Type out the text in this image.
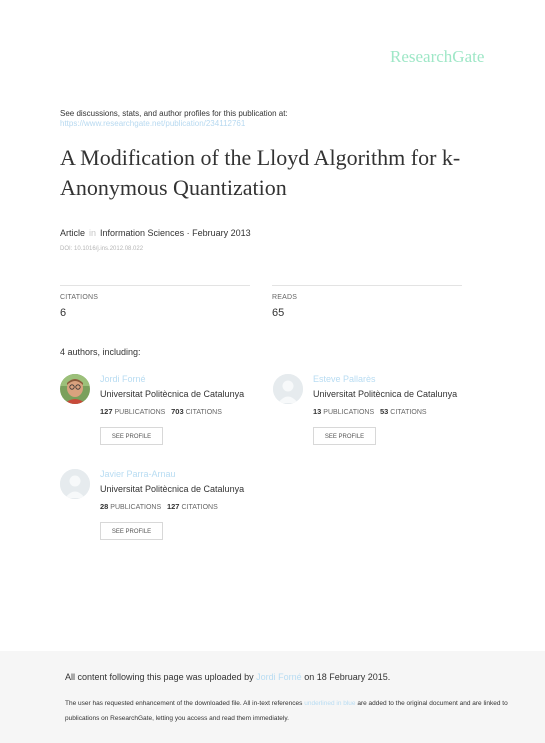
ResearchGate
See discussions, stats, and author profiles for this publication at:
https://www.researchgate.net/publication/234112761
A Modification of the Lloyd Algorithm for k-Anonymous Quantization
Article in Information Sciences · February 2013
DOI: 10.1016/j.ins.2012.08.022
CITATIONS
6
READS
65
4 authors, including:
Jordi Forné
Universitat Politècnica de Catalunya
127 PUBLICATIONS 703 CITATIONS
SEE PROFILE
Esteve Pallarès
Universitat Politècnica de Catalunya
13 PUBLICATIONS 53 CITATIONS
SEE PROFILE
Javier Parra-Arnau
Universitat Politècnica de Catalunya
28 PUBLICATIONS 127 CITATIONS
SEE PROFILE
All content following this page was uploaded by Jordi Forné on 18 February 2015.
The user has requested enhancement of the downloaded file. All in-text references underlined in blue are added to the original document and are linked to publications on ResearchGate, letting you access and read them immediately.
